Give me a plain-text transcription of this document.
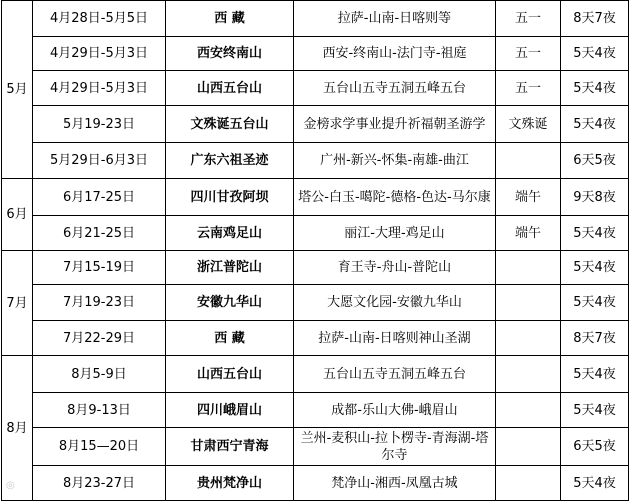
5月	4月28日-5月5日	西 藏	拉萨-山南-日喀则等	五一	8天7夜
	4月29日-5月3日	西安终南山	西安-终南山-法门寺-祖庭	五一	5天4夜
	4月29日-5月3日	山西五台山	五台山五寺五洞五峰五台	五一	5天4夜
	5月19-23日	文殊诞五台山	金榜求学事业提升祈福朝圣游学	文殊诞	5天4夜
	5月29日-6月3日	广东六祖圣迹	广州-新兴-怀集-南雄-曲江		6天5夜
6月	6月17-25日	四川甘孜阿坝	塔公-白玉-噶陀-德格-色达-马尔康	端午	9天8夜
	6月21-25日	云南鸡足山	丽江-大理-鸡足山	端午	5天4夜
7月	7月15-19日	浙江普陀山	育王寺-舟山-普陀山		5天4夜
	7月19-23日	安徽九华山	大愿文化园-安徽九华山		5天4夜
	7月22-29日	西 藏	拉萨-山南-日喀则神山圣湖		8天7夜
8月	8月5-9日	山西五台山	五台山五寺五洞五峰五台		5天4夜
	8月9-13日	四川峨眉山	成都-乐山大佛-峨眉山		5天4夜
	8月15—20日	甘肃西宁青海	兰州-麦积山-拉卜楞寺-青海湖-塔尔寺		6天5夜
	8月23-27日	贵州梵净山	梵净山-湘西-凤凰古城		5天4夜
◎ ㅤ
